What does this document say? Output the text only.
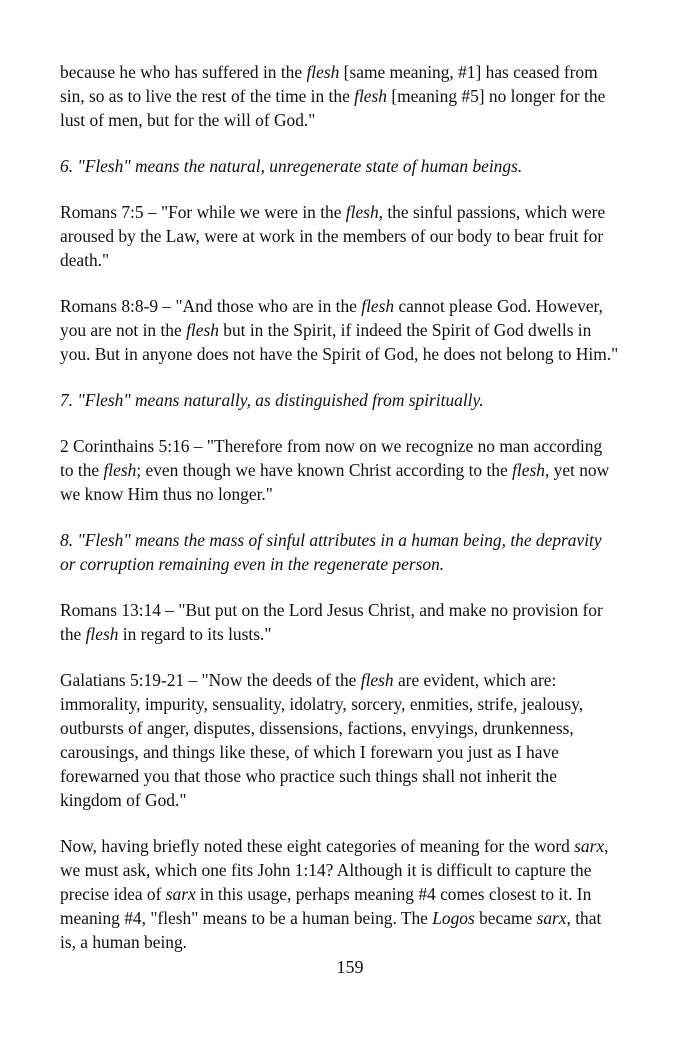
because he who has suffered in the flesh [same meaning, #1] has ceased from sin, so as to live the rest of the time in the flesh [meaning #5] no longer for the lust of men, but for the will of God."

6. "Flesh" means the natural, unregenerate state of human beings.

Romans 7:5 – "For while we were in the flesh, the sinful passions, which were aroused by the Law, were at work in the members of our body to bear fruit for death."

Romans 8:8-9 – "And those who are in the flesh cannot please God. However, you are not in the flesh but in the Spirit, if indeed the Spirit of God dwells in you. But in anyone does not have the Spirit of God, he does not belong to Him."

7. "Flesh" means naturally, as distinguished from spiritually.

2 Corinthains 5:16 – "Therefore from now on we recognize no man according to the flesh; even though we have known Christ according to the flesh, yet now we know Him thus no longer."

8. "Flesh" means the mass of sinful attributes in a human being, the depravity or corruption remaining even in the regenerate person.

Romans 13:14 – "But put on the Lord Jesus Christ, and make no provision for the flesh in regard to its lusts."

Galatians 5:19-21 – "Now the deeds of the flesh are evident, which are: immorality, impurity, sensuality, idolatry, sorcery, enmities, strife, jealousy, outbursts of anger, disputes, dissensions, factions, envyings, drunkenness, carousings, and things like these, of which I forewarn you just as I have forewarned you that those who practice such things shall not inherit the kingdom of God."

Now, having briefly noted these eight categories of meaning for the word sarx, we must ask, which one fits John 1:14? Although it is difficult to capture the precise idea of sarx in this usage, perhaps meaning #4 comes closest to it. In meaning #4, "flesh" means to be a human being. The Logos became sarx, that is, a human being.

159
